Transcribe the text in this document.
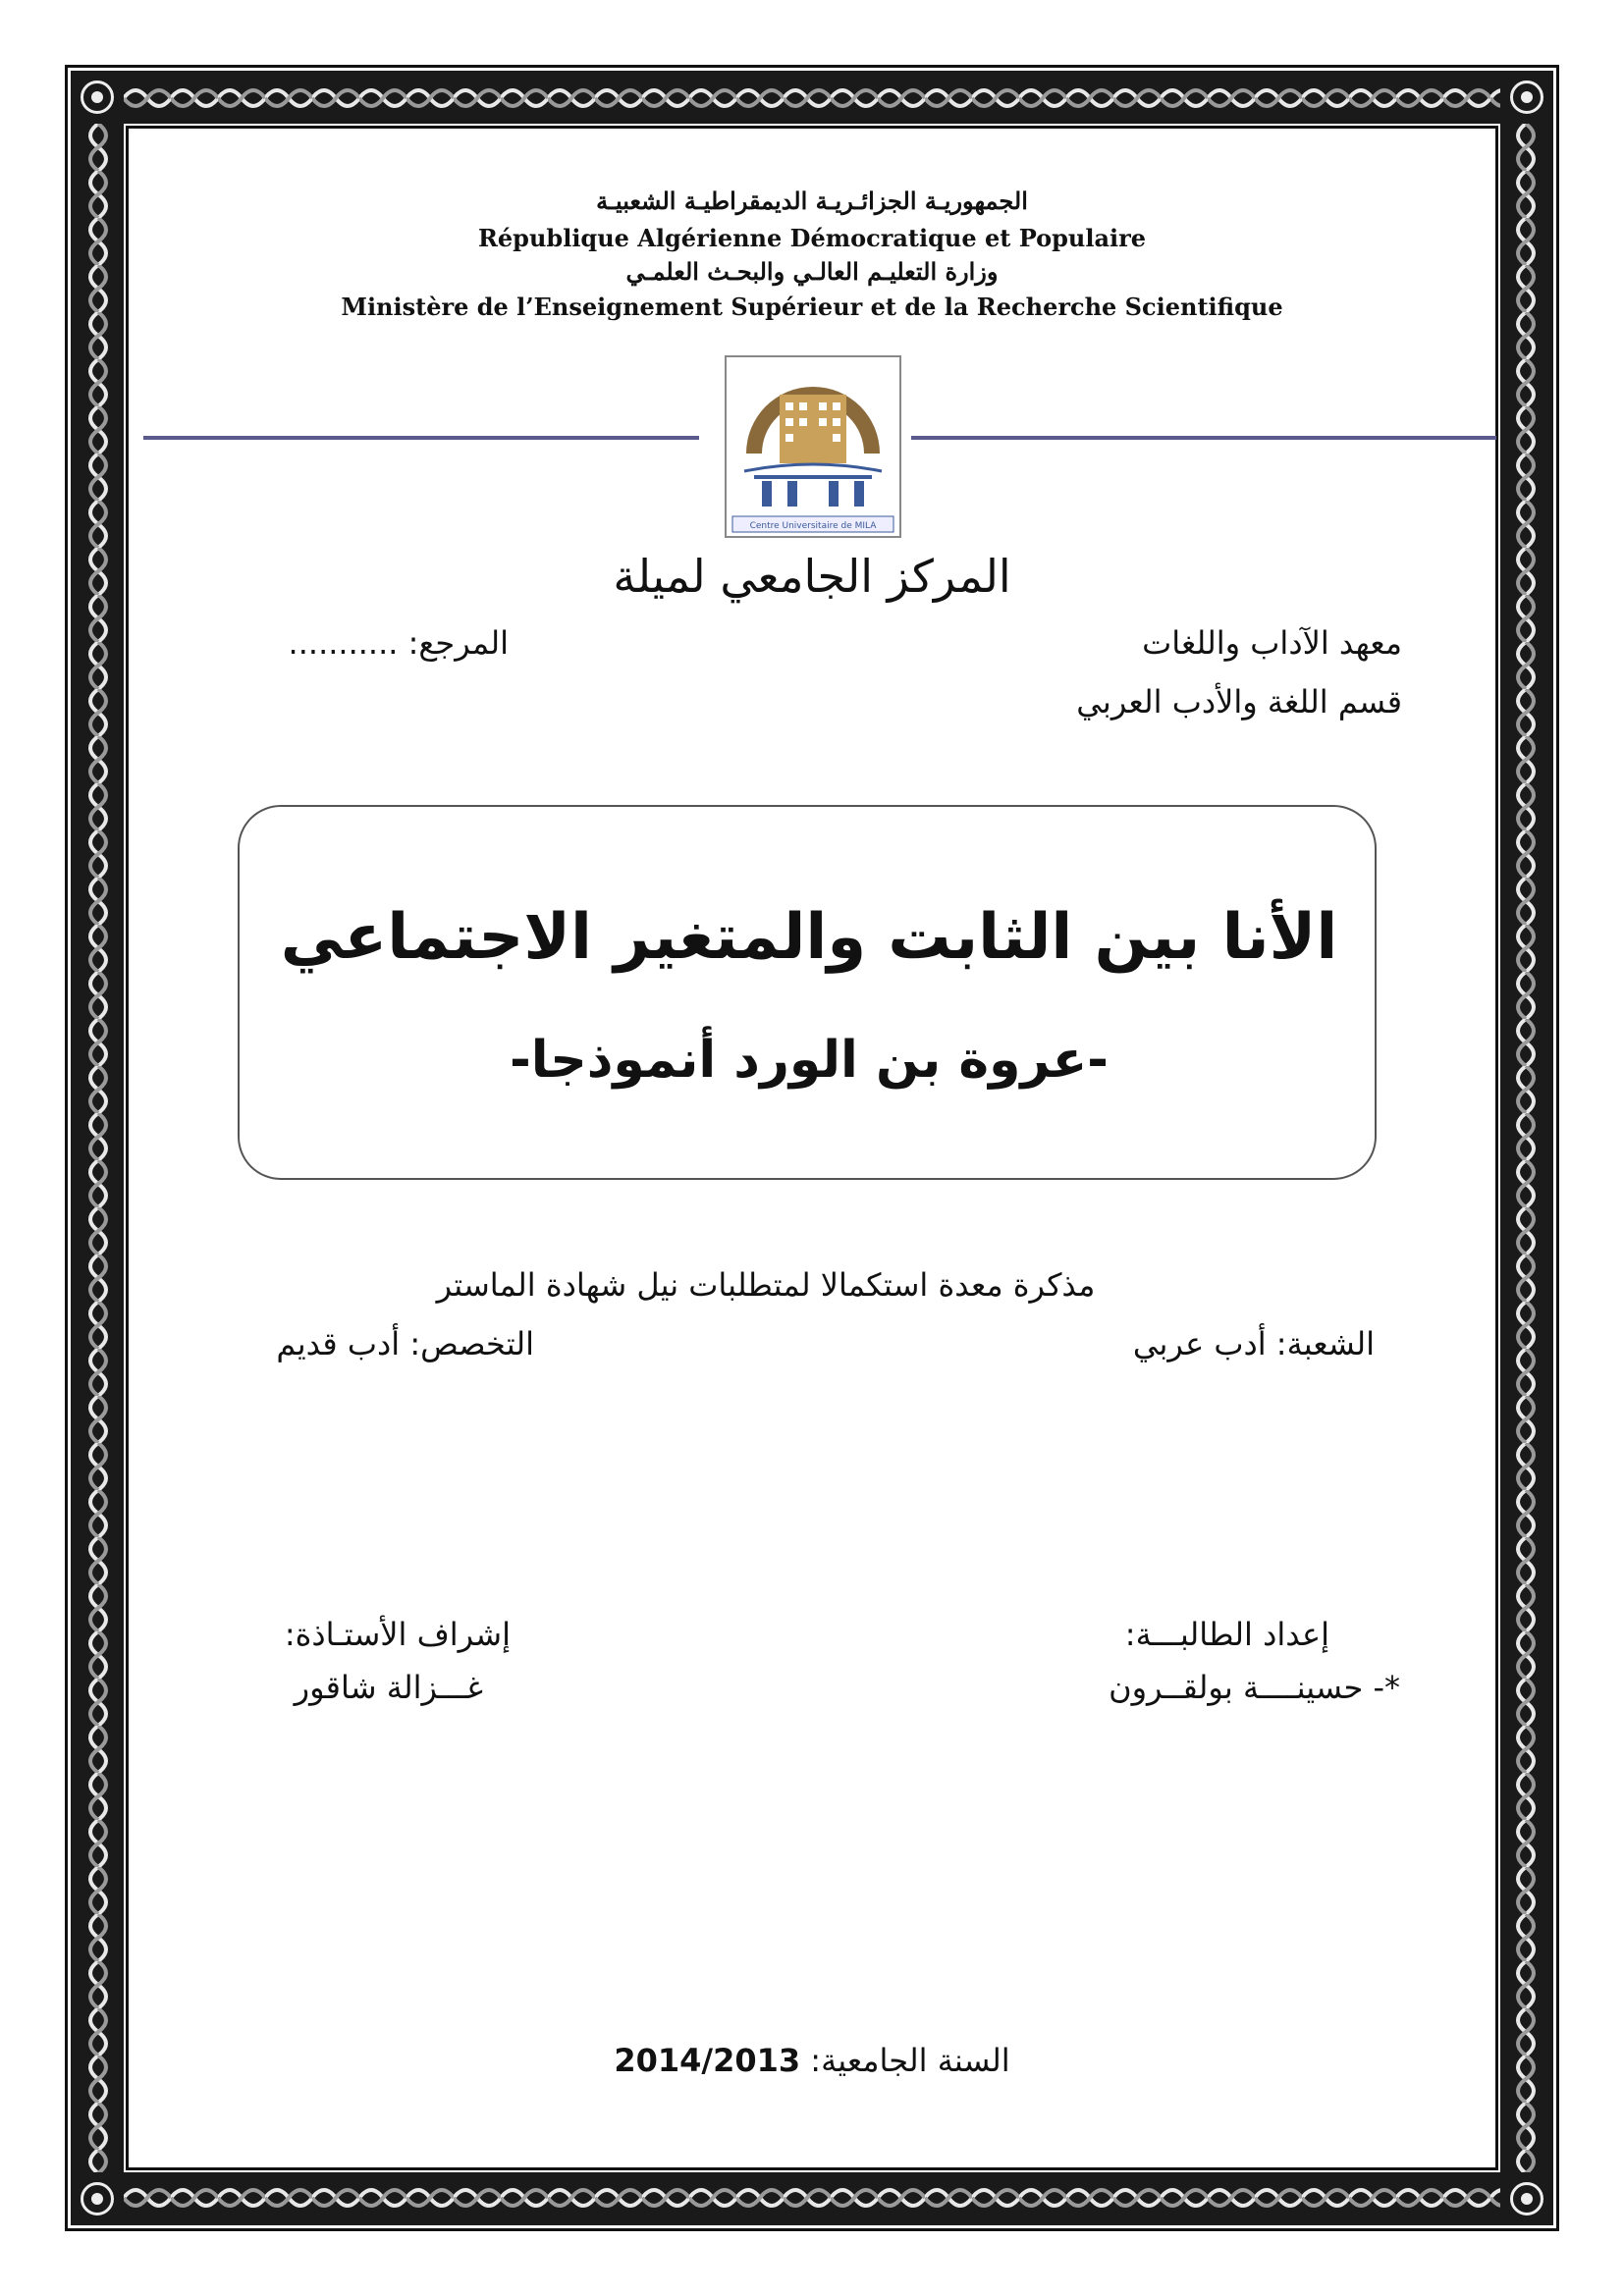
الجمهوريـة الجزائـريـة الديمقراطيـة الشعبيـة
République Algérienne Démocratique et Populaire
وزارة التعليـم العالـي والبحـث العلمـي
Ministère de l’Enseignement Supérieur et de la Recherche Scientifique
Centre Universitaire de MILA
المركز الجامعي لميلة
معهد الآداب واللغات
المرجع: ...........
قسم اللغة والأدب العربي
الأنا بين الثابت والمتغير الاجتماعي
-عروة بن الورد أنموذجا-
مذكرة معدة استكمالا لمتطلبات نيل شهادة الماستر
الشعبة: أدب عربي
التخصص: أدب قديم
إعداد الطالبـــة:
إشراف الأستـاذة:
*- حسينــــة بولقــرون
غـــزالة شاقور
السنة الجامعية: 2014/2013
